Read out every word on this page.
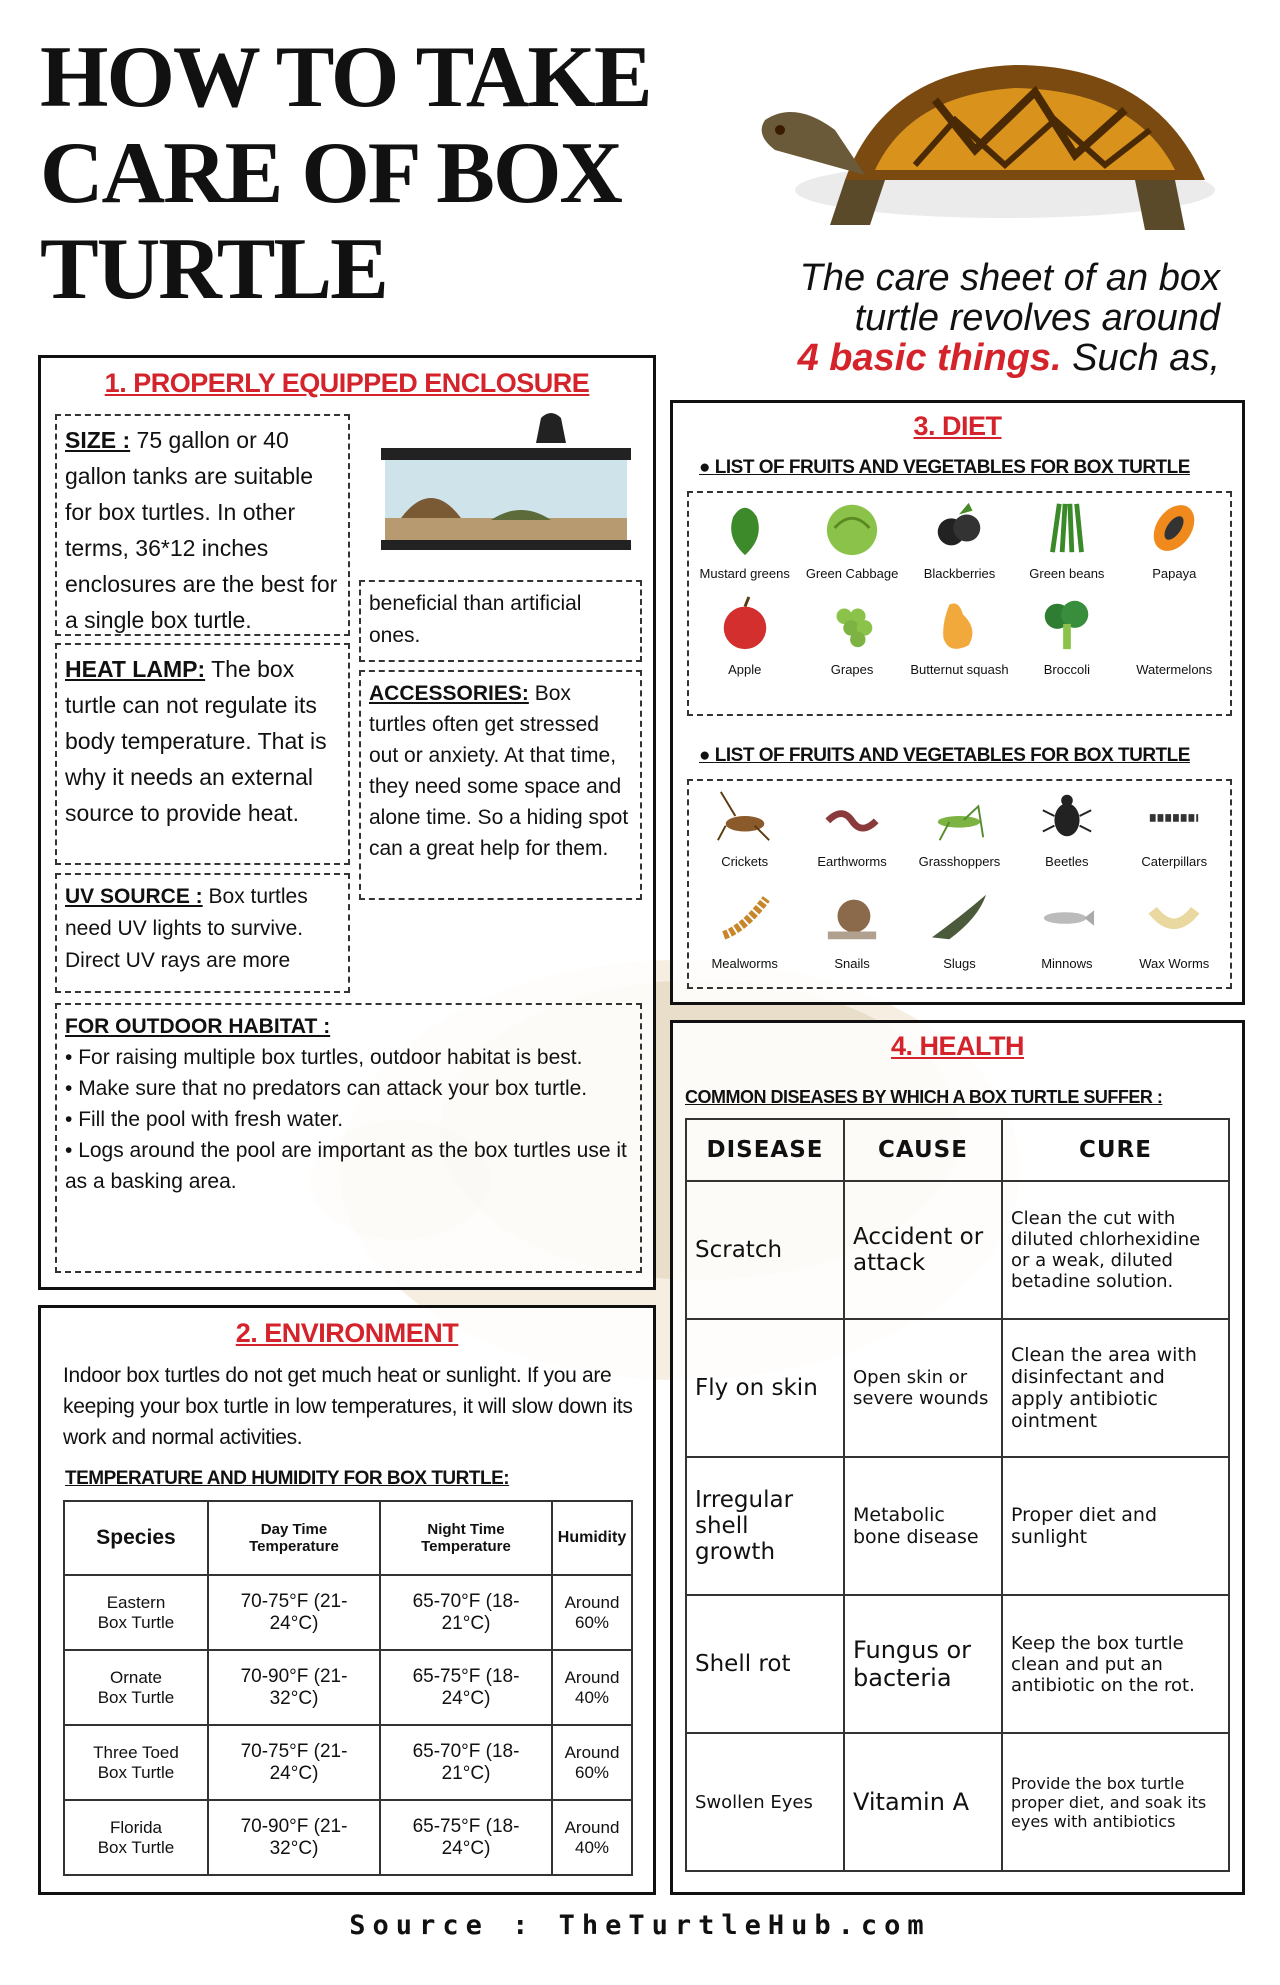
HOW TO TAKE
CARE OF BOX
TURTLE	The care sheet of an box
turtle revolves around
4 basic things. Such as,
1. PROPERLY EQUIPPED ENCLOSURE
SIZE : 75 gallon or 40 gallon tanks are suitable for box turtles. In other terms, 36*12 inches enclosures are the best for a single box turtle.
HEAT LAMP: The box turtle can not regulate its body temperature. That is why it needs an external source to provide heat.
UV SOURCE : Box turtles need UV lights to survive. Direct UV rays are more
beneficial than artificial ones.
ACCESSORIES: Box turtles often get stressed out or anxiety. At that time, they need some space and alone time. So a hiding spot can a great help for them.
FOR OUTDOOR HABITAT :
• For raising multiple box turtles, outdoor habitat is best.
• Make sure that no predators can attack your box turtle.
• Fill the pool with fresh water.
• Logs around the pool are important as the box turtles use it as a basking area.
2. ENVIRONMENT
Indoor box turtles do not get much heat or sunlight. If you are keeping your box turtle in low temperatures, it will slow down its work and normal activities.
TEMPERATURE AND HUMIDITY FOR BOX TURTLE:
Species	Day Time Temperature	Night Time Temperature	Humidity
Eastern Box Turtle	70-75°F (21-24°C)	65-70°F (18-21°C)	Around 60%
Ornate Box Turtle	70-90°F (21-32°C)	65-75°F (18-24°C)	Around 40%
Three Toed Box Turtle	70-75°F (21-24°C)	65-70°F (18-21°C)	Around 60%
Florida Box Turtle	70-90°F (21-32°C)	65-75°F (18-24°C)	Around 40%
3. DIET
● LIST OF FRUITS AND VEGETABLES FOR BOX TURTLE
Mustard greens	Green Cabbage	Blackberries	Green beans	Papaya
Apple	Grapes	Butternut squash	Broccoli	Watermelons
● LIST OF FRUITS AND VEGETABLES FOR BOX TURTLE
Crickets	Earthworms	Grasshoppers	Beetles	Caterpillars
Mealworms	Snails	Slugs	Minnows	Wax Worms
4. HEALTH
COMMON DISEASES BY WHICH A BOX TURTLE SUFFER :
DISEASE	CAUSE	CURE
Scratch	Accident or attack	Clean the cut with diluted chlorhexidine or a weak, diluted betadine solution.
Fly on skin	Open skin or severe wounds	Clean the area with disinfectant and apply antibiotic ointment
Irregular shell growth	Metabolic bone disease	Proper diet and sunlight
Shell rot	Fungus or bacteria	Keep the box turtle clean and put an antibiotic on the rot.
Swollen Eyes	Vitamin A	Provide the box turtle proper diet, and soak its eyes with antibiotics
Source : TheTurtleHub.com
